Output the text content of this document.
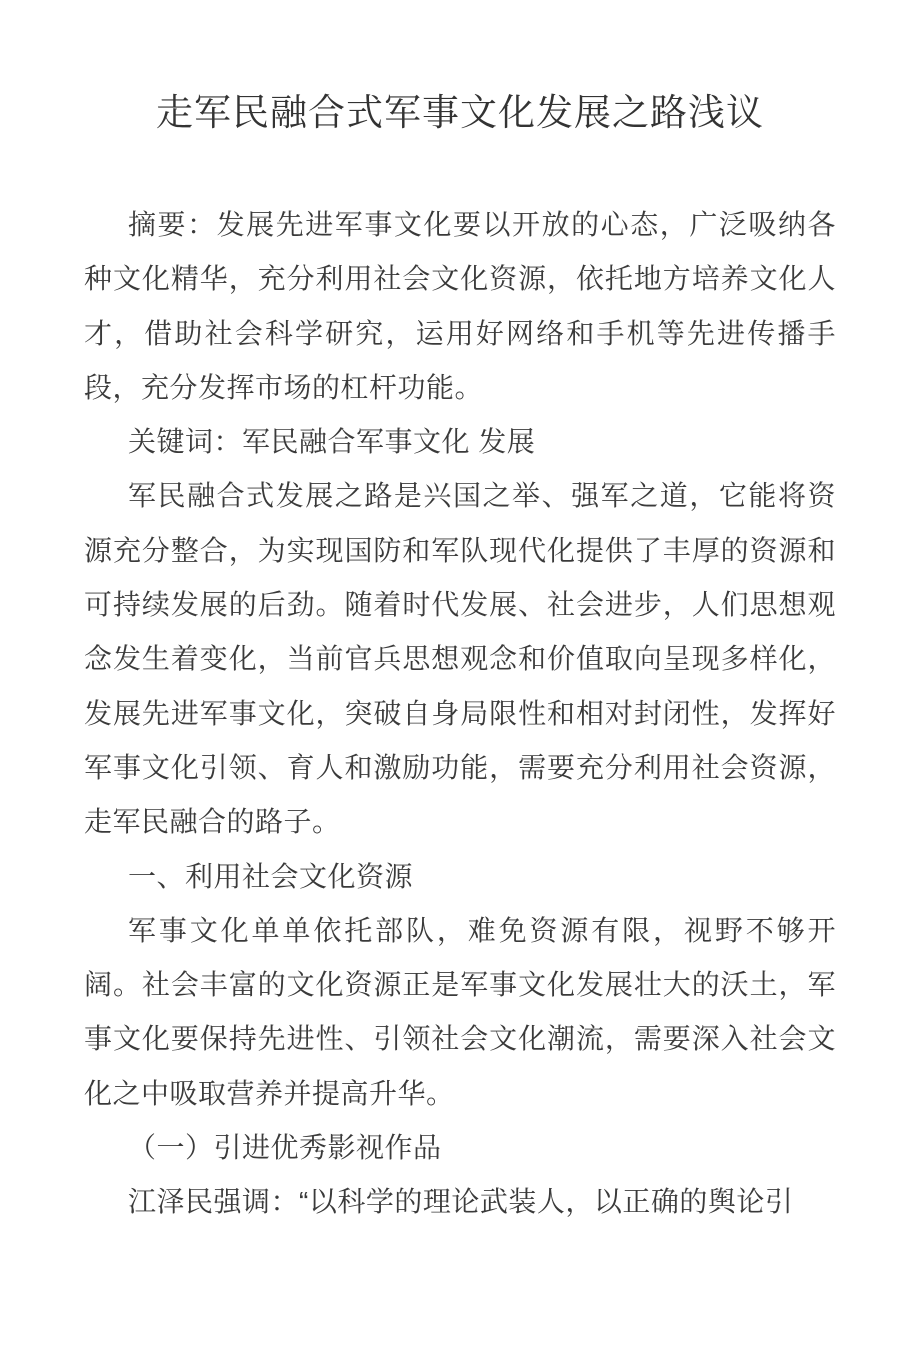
走军民融合式军事文化发展之路浅议

摘要：发展先进军事文化要以开放的心态，广泛吸纳各种文化精华，充分利用社会文化资源，依托地方培养文化人才，借助社会科学研究，运用好网络和手机等先进传播手段，充分发挥市场的杠杆功能。

关键词：军民融合军事文化 发展

军民融合式发展之路是兴国之举、强军之道，它能将资源充分整合，为实现国防和军队现代化提供了丰厚的资源和可持续发展的后劲。随着时代发展、社会进步，人们思想观念发生着变化，当前官兵思想观念和价值取向呈现多样化，发展先进军事文化，突破自身局限性和相对封闭性，发挥好军事文化引领、育人和激励功能，需要充分利用社会资源，走军民融合的路子。

一、利用社会文化资源

军事文化单单依托部队，难免资源有限，视野不够开阔。社会丰富的文化资源正是军事文化发展壮大的沃土，军事文化要保持先进性、引领社会文化潮流，需要深入社会文化之中吸取营养并提高升华。

（一）引进优秀影视作品

江泽民强调：“以科学的理论武装人，以正确的舆论引
